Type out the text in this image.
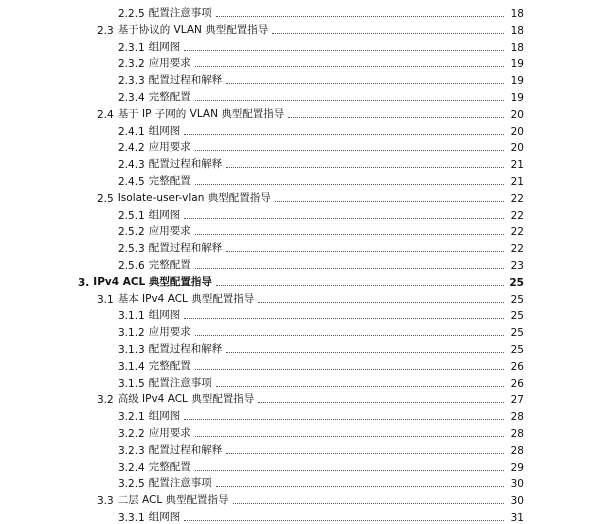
2.2.5 配置注意事项	18
2.3 基于协议的 VLAN 典型配置指导	18
2.3.1 组网图	18
2.3.2 应用要求	19
2.3.3 配置过程和解释	19
2.3.4 完整配置	19
2.4 基于 IP 子网的 VLAN 典型配置指导	20
2.4.1 组网图	20
2.4.2 应用要求	20
2.4.3 配置过程和解释	21
2.4.5 完整配置	21
2.5 Isolate-user-vlan 典型配置指导	22
2.5.1 组网图	22
2.5.2 应用要求	22
2.5.3 配置过程和解释	22
2.5.6 完整配置	23
3. IPv4 ACL 典型配置指导	25
3.1 基本 IPv4 ACL 典型配置指导	25
3.1.1 组网图	25
3.1.2 应用要求	25
3.1.3 配置过程和解释	25
3.1.4 完整配置	26
3.1.5 配置注意事项	26
3.2 高级 IPv4 ACL 典型配置指导	27
3.2.1 组网图	28
3.2.2 应用要求	28
3.2.3 配置过程和解释	28
3.2.4 完整配置	29
3.2.5 配置注意事项	30
3.3 二层 ACL 典型配置指导	30
3.3.1 组网图	31
